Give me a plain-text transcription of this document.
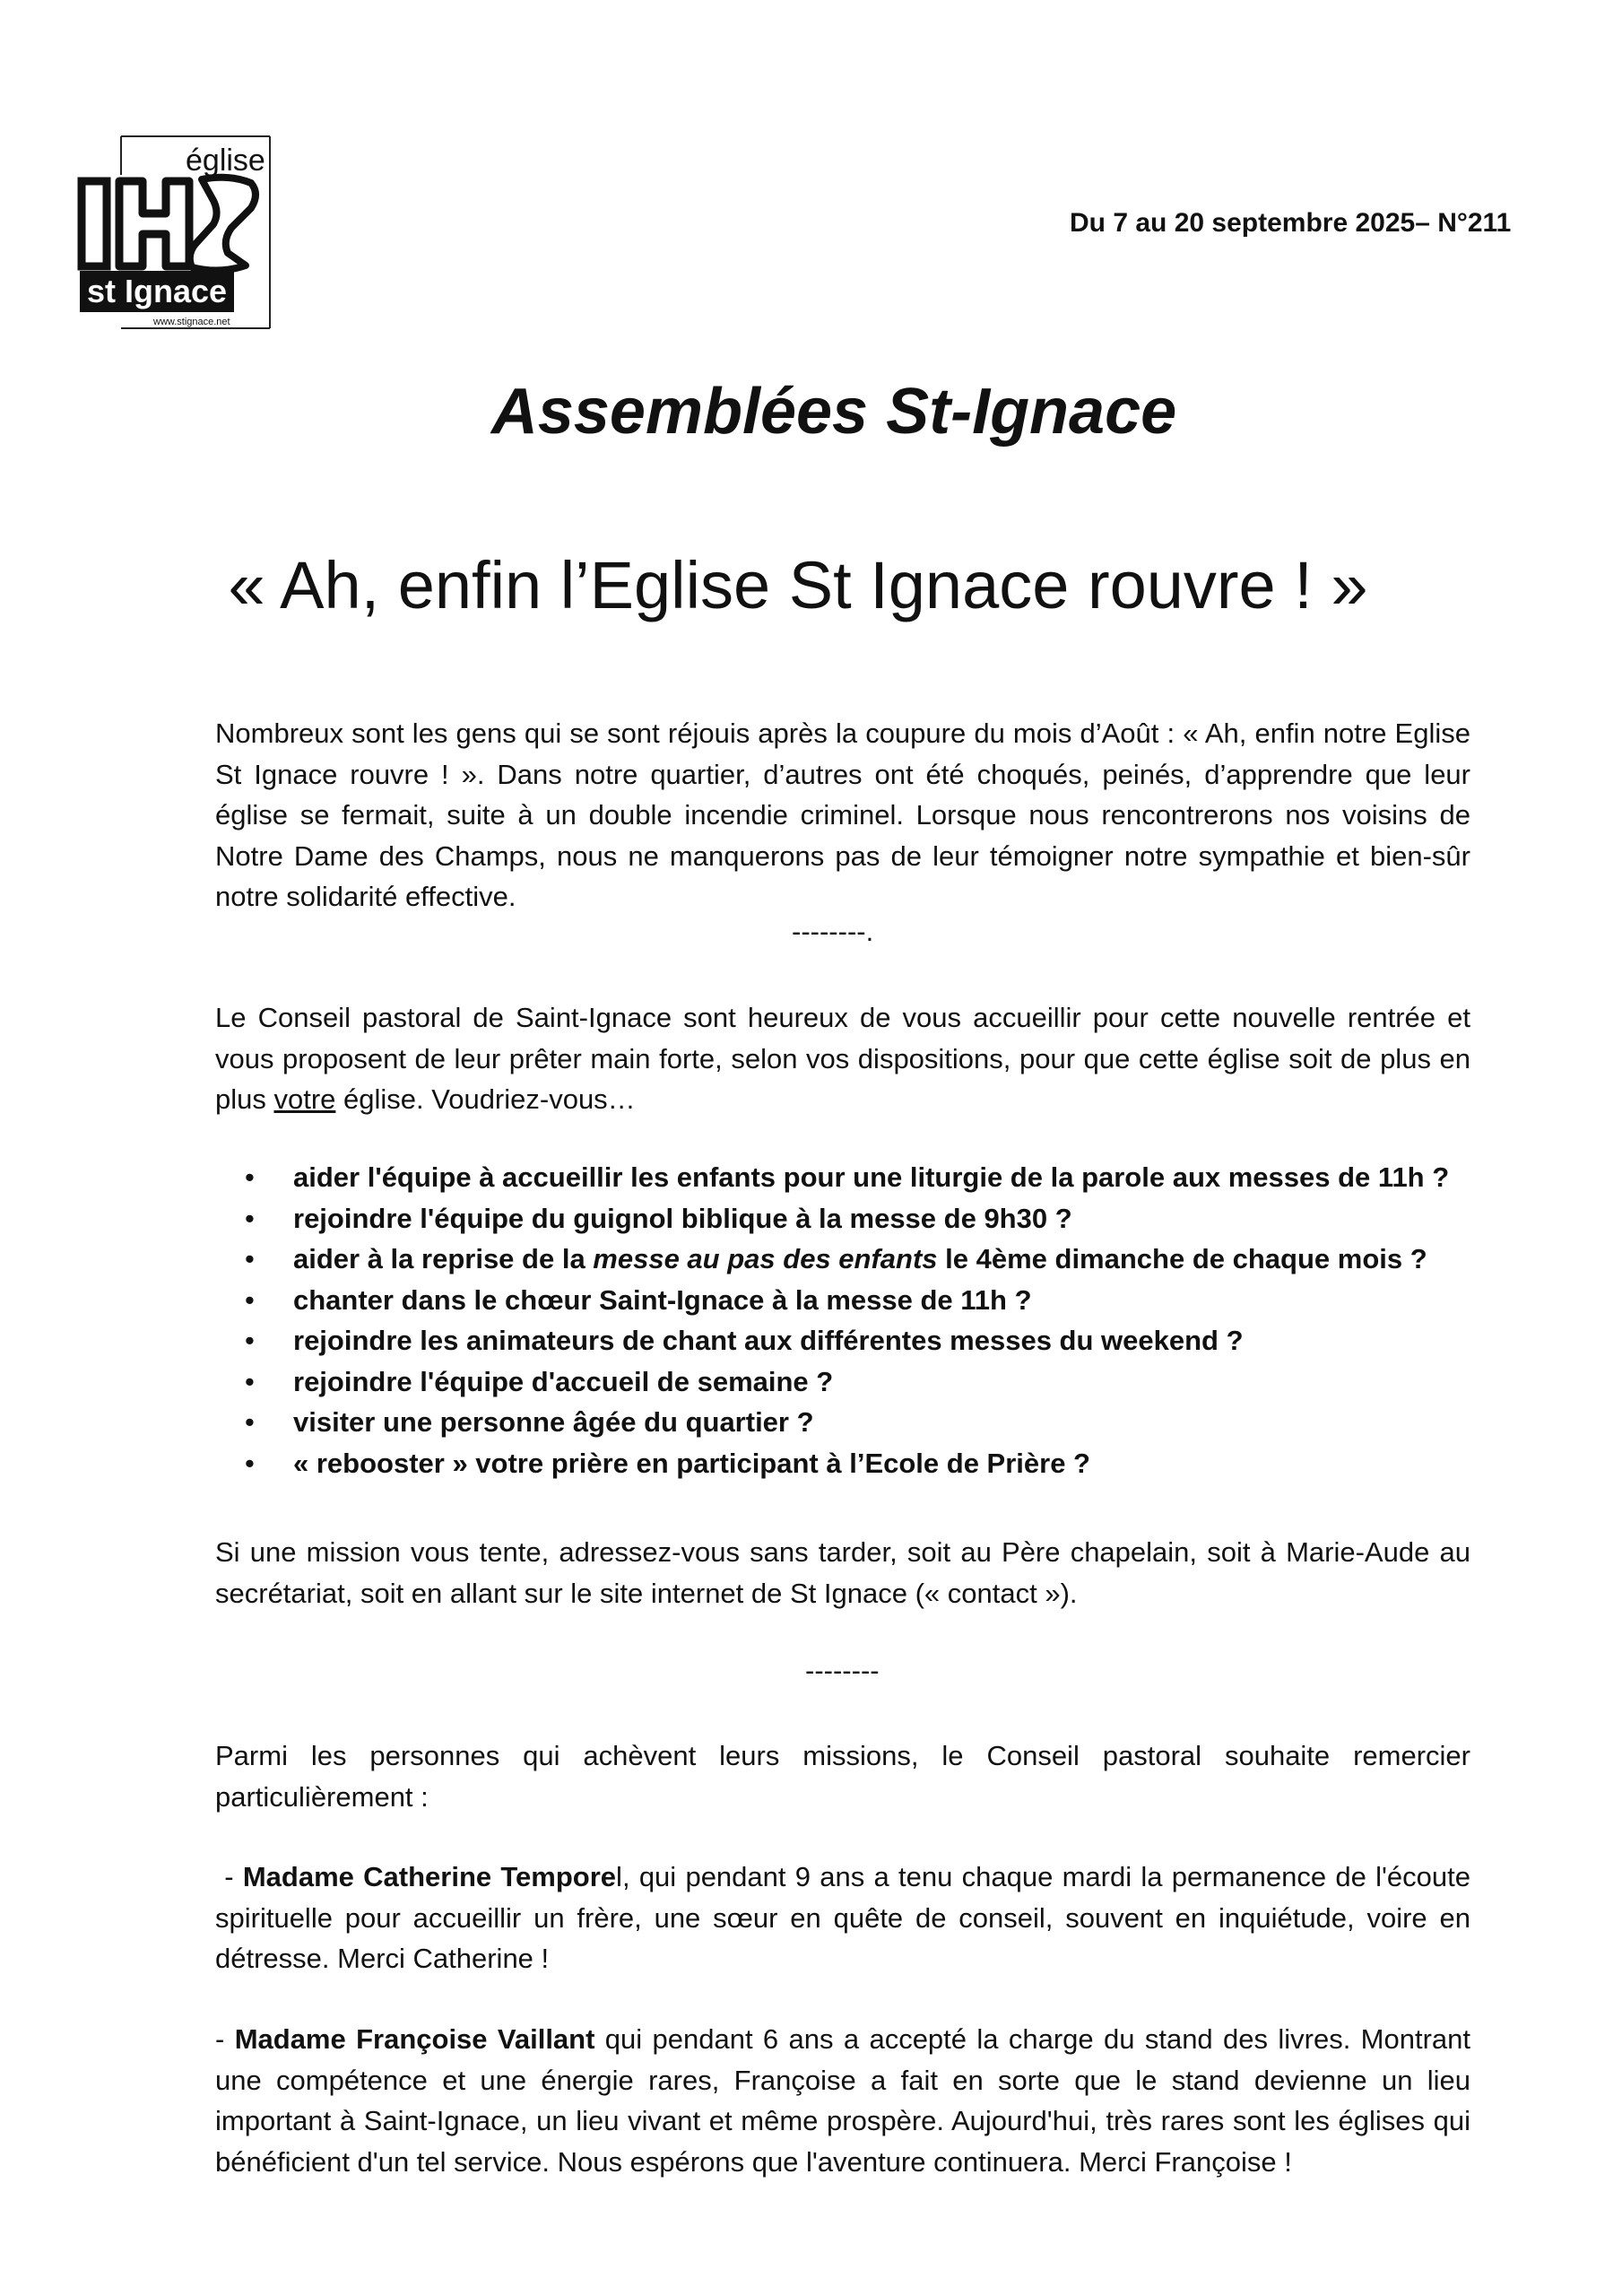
église
st Ignace
www.stignace.net
Du 7 au 20 septembre 2025– N°211
Assemblées St-Ignace
« Ah, enfin l’Eglise St Ignace rouvre ! »

Nombreux sont les gens qui se sont réjouis après la coupure du mois d’Août : « Ah, enfin notre Eglise St Ignace rouvre ! ». Dans notre quartier, d’autres ont été choqués, peinés, d’apprendre que leur église se fermait, suite à un double incendie criminel. Lorsque nous rencontrerons nos voisins de Notre Dame des Champs, nous ne manquerons pas de leur témoigner notre sympathie et bien-sûr notre solidarité effective.

--------.

Le Conseil pastoral de Saint-Ignace sont heureux de vous accueillir pour cette nouvelle rentrée et vous proposent de leur prêter main forte, selon vos dispositions, pour que cette église soit de plus en plus votre église. Voudriez-vous…

• aider l'équipe à accueillir les enfants pour une liturgie de la parole aux messes de 11h ?
• rejoindre l'équipe du guignol biblique à la messe de 9h30 ?
• aider à la reprise de la messe au pas des enfants le 4ème dimanche de chaque mois ?
• chanter dans le chœur Saint-Ignace à la messe de 11h ?
• rejoindre les animateurs de chant aux différentes messes du weekend ?
• rejoindre l'équipe d'accueil de semaine ?
• visiter une personne âgée du quartier ?
• « rebooster » votre prière en participant à l’Ecole de Prière ?

Si une mission vous tente, adressez-vous sans tarder, soit au Père chapelain, soit à Marie-Aude au secrétariat, soit en allant sur le site internet de St Ignace (« contact »).

--------

Parmi les personnes qui achèvent leurs missions, le Conseil pastoral souhaite remercier particulièrement :

- Madame Catherine Temporel, qui pendant 9 ans a tenu chaque mardi la permanence de l'écoute spirituelle pour accueillir un frère, une sœur en quête de conseil, souvent en inquiétude, voire en détresse. Merci Catherine !

- Madame Françoise Vaillant qui pendant 6 ans a accepté la charge du stand des livres. Montrant une compétence et une énergie rares, Françoise a fait en sorte que le stand devienne un lieu important à Saint-Ignace, un lieu vivant et même prospère. Aujourd'hui, très rares sont les églises qui bénéficient d'un tel service. Nous espérons que l'aventure continuera. Merci Françoise !
